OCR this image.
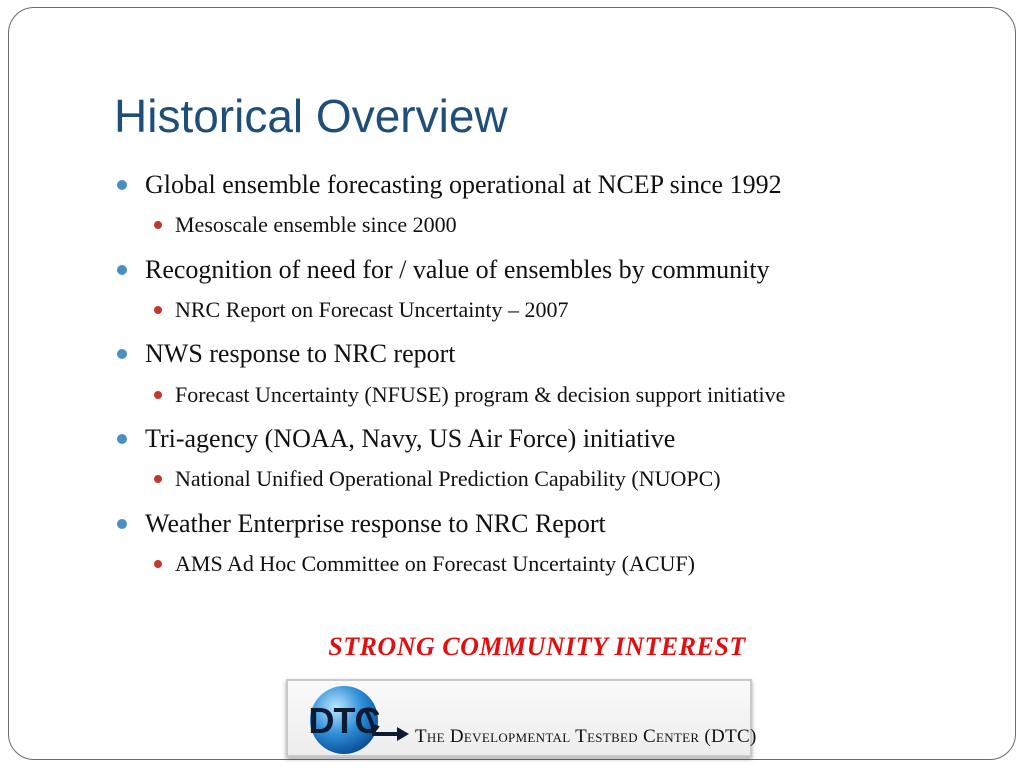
Historical Overview
Global ensemble forecasting operational at NCEP since 1992
Mesoscale ensemble since 2000
Recognition of need for / value of ensembles by community
NRC Report on Forecast Uncertainty – 2007
NWS response to NRC report
Forecast Uncertainty (NFUSE) program & decision support initiative
Tri-agency (NOAA, Navy, US Air Force) initiative
National Unified Operational Prediction Capability (NUOPC)
Weather Enterprise response to NRC Report
AMS Ad Hoc Committee on Forecast Uncertainty (ACUF)
STRONG COMMUNITY INTEREST
DTC The Developmental Testbed Center (DTC)
